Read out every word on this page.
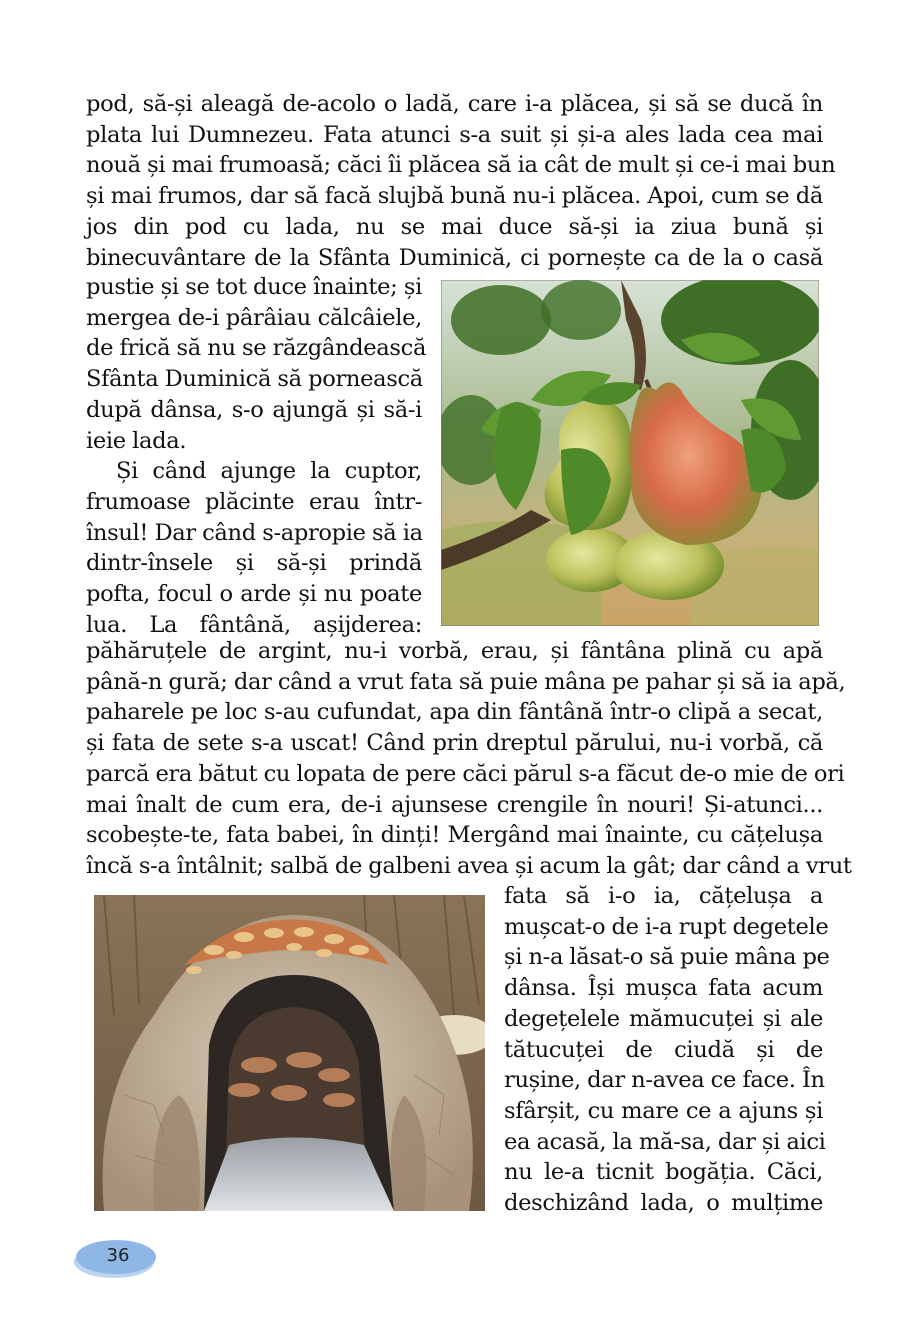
pod, să-și aleagă de-acolo o ladă, care i-a plăcea, și să se ducă în
plata lui Dumnezeu. Fata atunci s-a suit și și-a ales lada cea mai
nouă și mai frumoasă; căci îi plăcea să ia cât de mult și ce-i mai bun
și mai frumos, dar să facă slujbă bună nu-i plăcea. Apoi, cum se dă
jos din pod cu lada, nu se mai duce să-și ia ziua bună și
binecuvântare de la Sfânta Duminică, ci pornește ca de la o casă
pustie și se tot duce înainte; și
mergea de-i pârâiau călcâiele,
de frică să nu se răzgândească
Sfânta Duminică să pornească
după dânsa, s-o ajungă și să-i
ieie lada.
Și când ajunge la cuptor,
frumoase plăcinte erau într-
însul! Dar când s-apropie să ia
dintr-însele și să-și prindă
pofta, focul o arde și nu poate
lua. La fântână, așijderea:
păhăruțele de argint, nu-i vorbă, erau, și fântâna plină cu apă
până-n gură; dar când a vrut fata să puie mâna pe pahar și să ia apă,
paharele pe loc s-au cufundat, apa din fântână într-o clipă a secat,
și fata de sete s-a uscat! Când prin dreptul părului, nu-i vorbă, că
parcă era bătut cu lopata de pere căci părul s-a făcut de-o mie de ori
mai înalt de cum era, de-i ajunsese crengile în nouri! Și-atunci...
scobește-te, fata babei, în dinți! Mergând mai înainte, cu cățelușa
încă s-a întâlnit; salbă de galbeni avea și acum la gât; dar când a vrut
fata să i-o ia, cățelușa a
mușcat-o de i-a rupt degetele
și n-a lăsat-o să puie mâna pe
dânsa. Își mușca fata acum
degețelele mămucuței și ale
tătucuței de ciudă și de
rușine, dar n-avea ce face. În
sfârșit, cu mare ce a ajuns și
ea acasă, la mă-sa, dar și aici
nu le-a ticnit bogăția. Căci,
deschizând lada, o mulțime
36
